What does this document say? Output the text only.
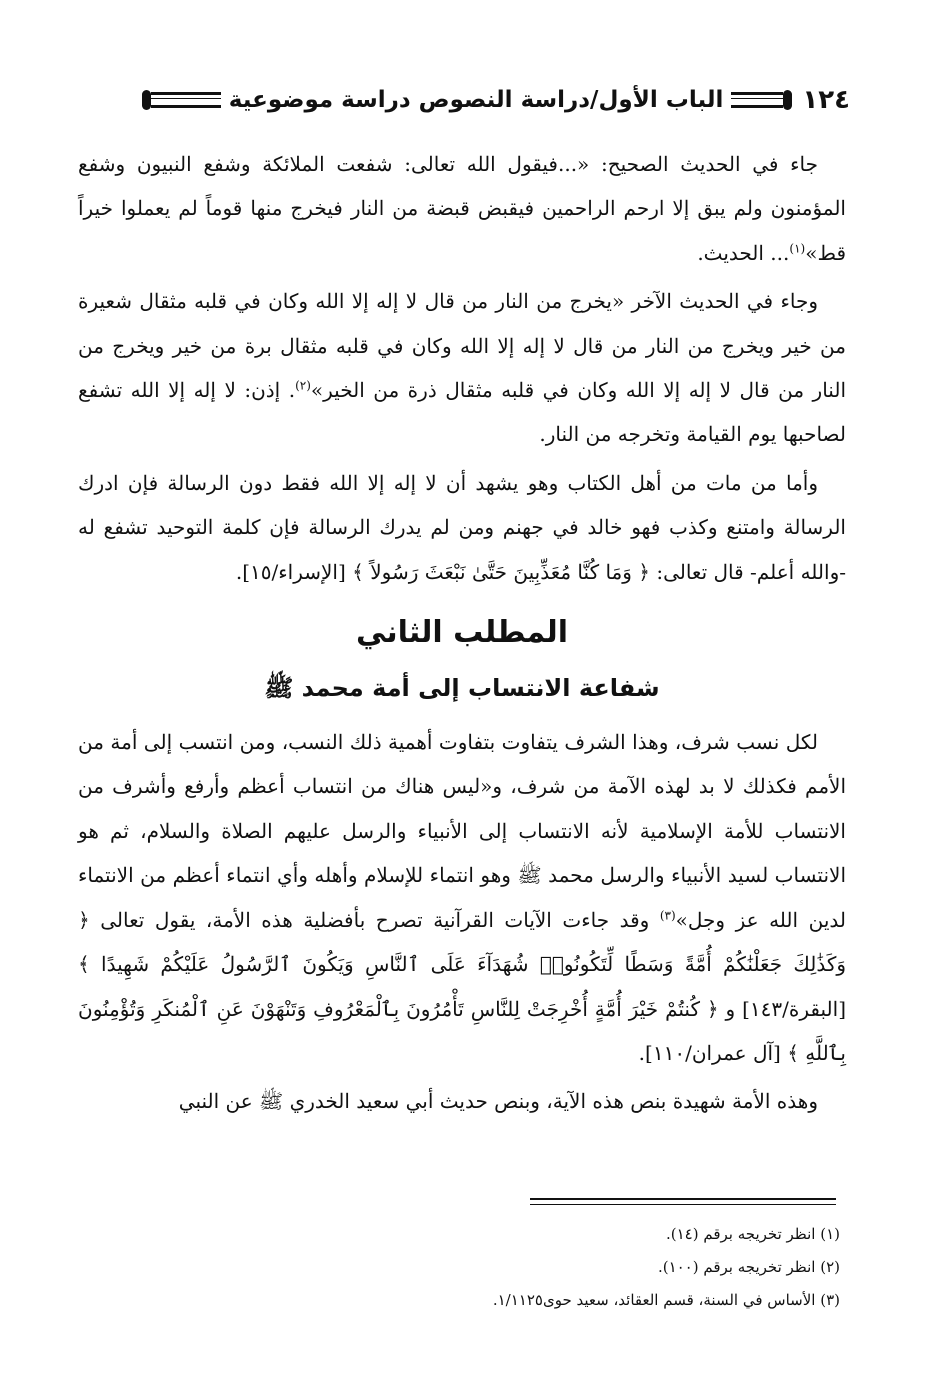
١٢٤
الباب الأول/دراسة النصوص دراسة موضوعية

جاء في الحديث الصحيح: «...فيقول الله تعالى: شفعت الملائكة وشفع النبيون وشفع المؤمنون ولم يبق إلا ارحم الراحمين فيقبض قبضة من النار فيخرج منها قوماً لم يعملوا خيراً قط»$^{(١)}$... الحديث.

وجاء في الحديث الآخر «يخرج من النار من قال لا إله إلا الله وكان في قلبه مثقال شعيرة من خير ويخرج من النار من قال لا إله إلا الله وكان في قلبه مثقال برة من خير ويخرج من النار من قال لا إله إلا الله وكان في قلبه مثقال ذرة من الخير»$^{(٢)}$. إذن: لا إله إلا الله تشفع لصاحبها يوم القيامة وتخرجه من النار.

وأما من مات من أهل الكتاب وهو يشهد أن لا إله إلا الله فقط دون الرسالة فإن ادرك الرسالة وامتنع وكذب فهو خالد في جهنم ومن لم يدرك الرسالة فإن كلمة التوحيد تشفع له -والله أعلم- قال تعالى: ﴿ وَمَا كُنَّا مُعَذِّبِينَ حَتَّىٰ نَبْعَثَ رَسُولاً ﴾ [الإسراء/١٥].

المطلب الثاني
شفاعة الانتساب إلى أمة محمد ﷺ

لكل نسب شرف، وهذا الشرف يتفاوت بتفاوت أهمية ذلك النسب، ومن انتسب إلى أمة من الأمم فكذلك لا بد لهذه الآمة من شرف، و«ليس هناك من انتساب أعظم وأرفع وأشرف من الانتساب للأمة الإسلامية لأنه الانتساب إلى الأنبياء والرسل عليهم الصلاة والسلام، ثم هو الانتساب لسيد الأنبياء والرسل محمد ﷺ وهو انتماء للإسلام وأهله وأي انتماء أعظم من الانتماء لدين الله عز وجل»$^{(٣)}$ وقد جاءت الآيات القرآنية تصرح بأفضلية هذه الأمة، يقول تعالى ﴿ وَكَذَٰلِكَ جَعَلْنَٰكُمْ أُمَّةً وَسَطًا لِّتَكُونُوا۟ شُهَدَآءَ عَلَى ٱلنَّاسِ وَيَكُونَ ٱلرَّسُولُ عَلَيْكُمْ شَهِيدًا ﴾ [البقرة/١٤٣] و ﴿ كُنتُمْ خَيْرَ أُمَّةٍ أُخْرِجَتْ لِلنَّاسِ تَأْمُرُونَ بِٱلْمَعْرُوفِ وَتَنْهَوْنَ عَنِ ٱلْمُنكَرِ وَتُؤْمِنُونَ بِٱللَّهِ ﴾ [آل عمران/١١٠].

وهذه الأمة شهيدة بنص هذه الآية، وبنص حديث أبي سعيد الخدري ﷺ عن النبي

(١) انظر تخريجه برقم (١٤).

(٢) انظر تخريجه برقم (١٠٠).

(٣) الأساس في السنة، قسم العقائد، سعيد حوى١/١١٢٥.
